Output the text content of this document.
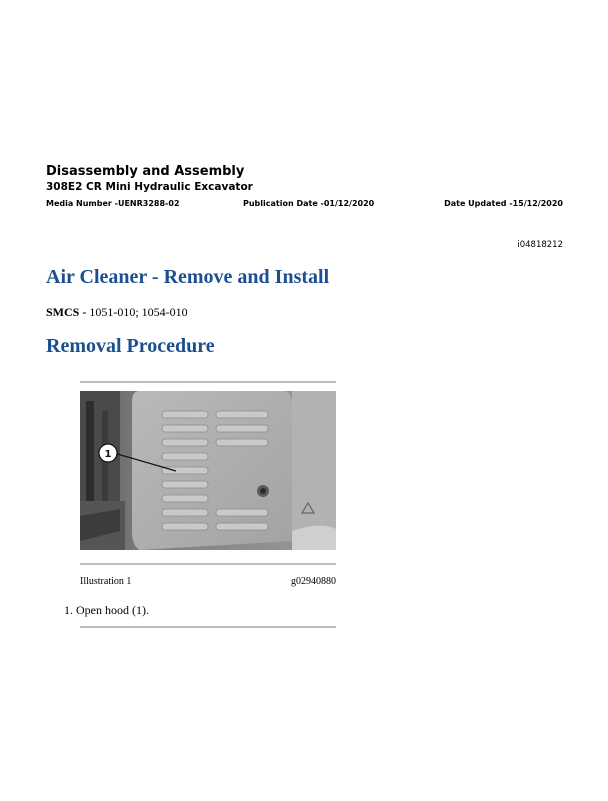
Disassembly and Assembly
308E2 CR Mini Hydraulic Excavator
Media Number -UENR3288-02	Publication Date -01/12/2020	Date Updated -15/12/2020
i04818212
Air Cleaner - Remove and Install
SMCS - 1051-010; 1054-010
Removal Procedure
1
Illustration 1	g02940880
1. Open hood (1).
